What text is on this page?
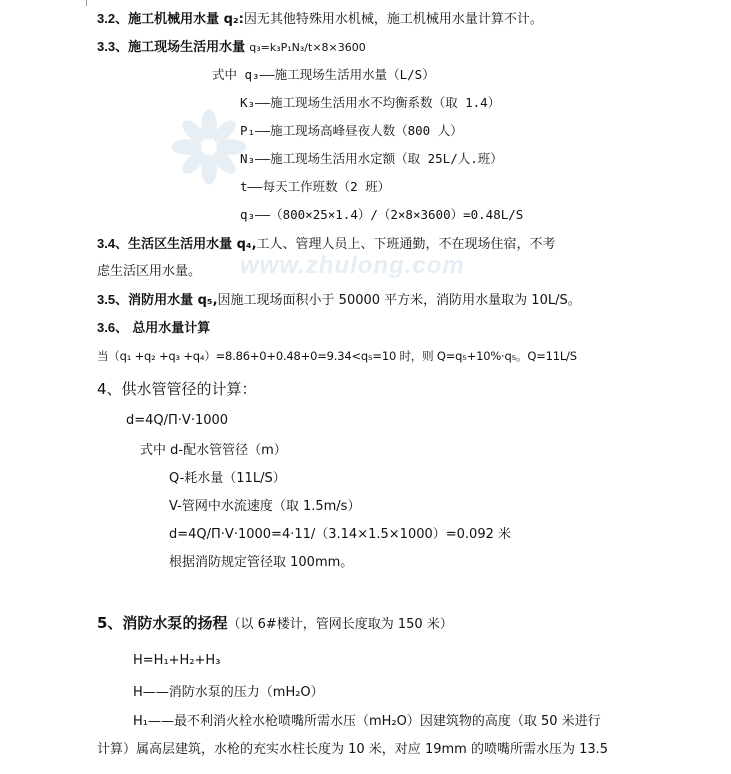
www.zhulong.com
3.2、施工机械用水量 q₂:因无其他特殊用水机械，施工机械用水量计算不计。
3.3、施工现场生活用水量 q₃=k₃P₁N₃/t×8×3600
式中 q₃——施工现场生活用水量（L/S）
K₃——施工现场生活用水不均衡系数（取 1.4）
P₁——施工现场高峰昼夜人数（800 人）
N₃——施工现场生活用水定额（取 25L/人.班）
t——每天工作班数（2 班）
q₃——（800×25×1.4）/（2×8×3600）=0.48L/S
3.4、生活区生活用水量 q₄,工人、管理人员上、下班通勤，不在现场住宿，不考
虑生活区用水量。
3.5、消防用水量 q₅,因施工现场面积小于 50000 平方米，消防用水量取为 10L/S。
3.6、 总用水量计算
当（q₁ +q₂ +q₃ +q₄）=8.86+0+0.48+0=9.34<q₅=10 时，则 Q=q₅+10%·q₅。Q=11L/S
4、供水管管径的计算：
d=4Q/Π·V·1000
式中 d-配水管管径（m）
Q-耗水量（11L/S）
V-管网中水流速度（取 1.5m/s）
d=4Q/Π·V·1000=4·11/（3.14×1.5×1000）=0.092 米
根据消防规定管径取 100mm。
5、消防水泵的扬程（以 6#楼计，管网长度取为 150 米）
H=H₁+H₂+H₃
H——消防水泵的压力（mH₂O）
H₁——最不利消火栓水枪喷嘴所需水压（mH₂O）因建筑物的高度（取 50 米进行
计算）属高层建筑，水枪的充实水柱长度为 10 米，对应 19mm 的喷嘴所需水压为 13.5
